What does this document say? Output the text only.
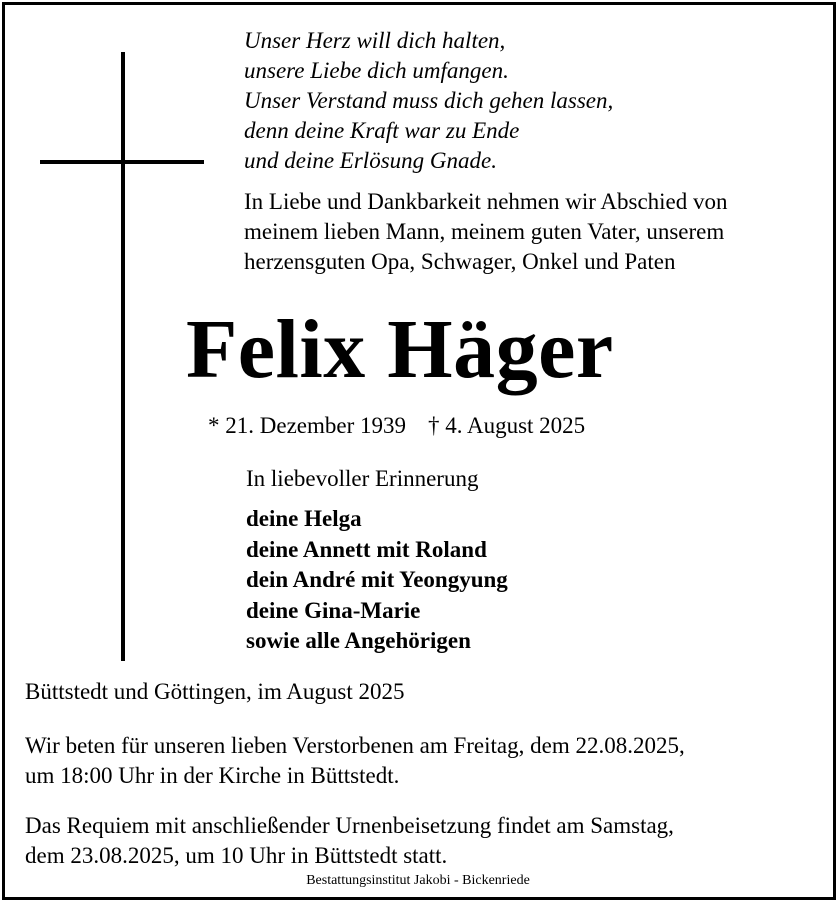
Unser Herz will dich halten,
unsere Liebe dich umfangen.
Unser Verstand muss dich gehen lassen,
denn deine Kraft war zu Ende
und deine Erlösung Gnade.
In Liebe und Dankbarkeit nehmen wir Abschied von
meinem lieben Mann, meinem guten Vater, unserem
herzensguten Opa, Schwager, Onkel und Paten
Felix Häger
* 21. Dezember 1939 † 4. August 2025
In liebevoller Erinnerung
deine Helga
deine Annett mit Roland
dein André mit Yeongyung
deine Gina-Marie
sowie alle Angehörigen
Büttstedt und Göttingen, im August 2025
Wir beten für unseren lieben Verstorbenen am Freitag, dem 22.08.2025,
um 18:00 Uhr in der Kirche in Büttstedt.
Das Requiem mit anschließender Urnenbeisetzung findet am Samstag,
dem 23.08.2025, um 10 Uhr in Büttstedt statt.
Bestattungsinstitut Jakobi - Bickenriede
